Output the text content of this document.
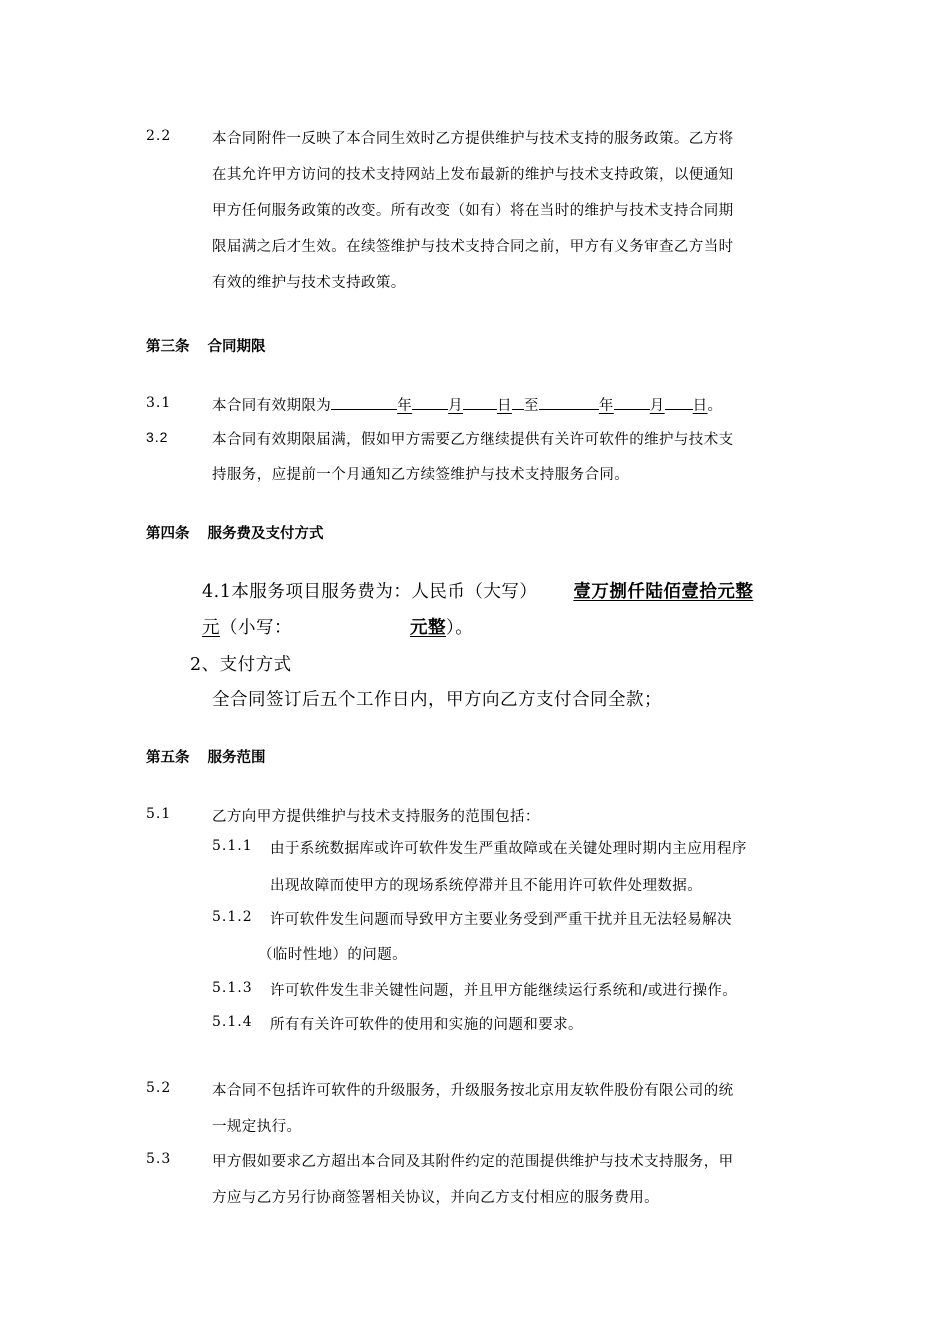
2.2	本合同附件一反映了本合同生效时乙方提供维护与技术支持的服务政策。乙方将
在其允许甲方访问的技术支持网站上发布最新的维护与技术支持政策，以便通知
甲方任何服务政策的改变。所有改变（如有）将在当时的维护与技术支持合同期
限届满之后才生效。在续签维护与技术支持合同之前，甲方有义务审查乙方当时
有效的维护与技术支持政策。
第三条 合同期限
3.1	本合同有效期限为	年 月 日 至	年 月 日。
3.2	本合同有效期限届满，假如甲方需要乙方继续提供有关许可软件的维护与技术支
持服务，应提前一个月通知乙方续签维护与技术支持服务合同。
第四条 服务费及支付方式
4.1本服务项目服务费为：人民币（大写） 壹万捌仟陆佰壹拾元整
元（小写：	元整）。
2、支付方式
全合同签订后五个工作日内，甲方向乙方支付合同全款；
第五条 服务范围
5.1	乙方向甲方提供维护与技术支持服务的范围包括：
5.1.1 由于系统数据库或许可软件发生严重故障或在关键处理时期内主应用程序
出现故障而使甲方的现场系统停滞并且不能用许可软件处理数据。
5.1.2 许可软件发生问题而导致甲方主要业务受到严重干扰并且无法轻易解决
（临时性地）的问题。
5.1.3 许可软件发生非关键性问题，并且甲方能继续运行系统和/或进行操作。
5.1.4 所有有关许可软件的使用和实施的问题和要求。
5.2	本合同不包括许可软件的升级服务，升级服务按北京用友软件股份有限公司的统
一规定执行。
5.3	甲方假如要求乙方超出本合同及其附件约定的范围提供维护与技术支持服务，甲
方应与乙方另行协商签署相关协议，并向乙方支付相应的服务费用。
